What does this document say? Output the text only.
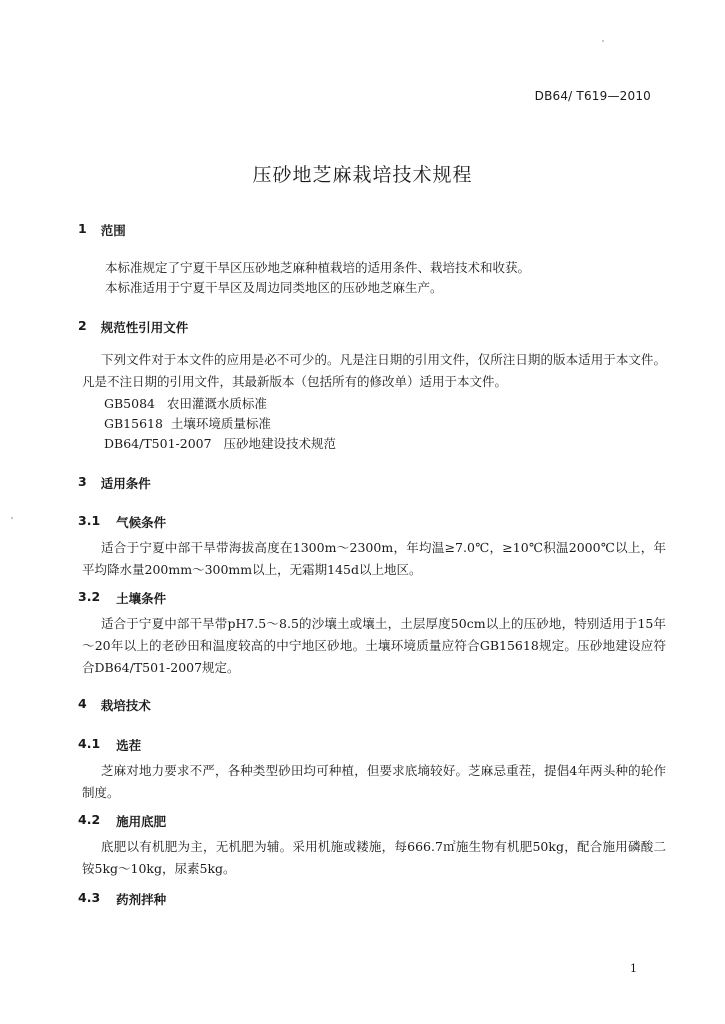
DB64/ T619—2010
压砂地芝麻栽培技术规程
1 范围

本标准规定了宁夏干旱区压砂地芝麻种植栽培的适用条件、栽培技术和收获。

本标准适用于宁夏干旱区及周边同类地区的压砂地芝麻生产。

2 规范性引用文件

下列文件对于本文件的应用是必不可少的。凡是注日期的引用文件，仅所注日期的版本适用于本文件。凡是不注日期的引用文件，其最新版本（包括所有的修改单）适用于本文件。

GB5084   农田灌溉水质标准
GB15618  土壤环境质量标准
DB64/T501-2007   压砂地建设技术规范
3 适用条件
3.1 气候条件

适合于宁夏中部干旱带海拔高度在1300m～2300m，年均温≥7.0℃，≥10℃积温2000℃以上，年平均降水量200mm～300mm以上，无霜期145d以上地区。

3.2 土壤条件

适合于宁夏中部干旱带pH7.5～8.5的沙壤土或壤土，土层厚度50cm以上的压砂地，特别适用于15年～20年以上的老砂田和温度较高的中宁地区砂地。土壤环境质量应符合GB15618规定。压砂地建设应符合DB64/T501-2007规定。

4 栽培技术
4.1 选茬

芝麻对地力要求不严，各种类型砂田均可种植，但要求底墒较好。芝麻忌重茬，提倡4年两头种的轮作制度。

4.2 施用底肥

底肥以有机肥为主，无机肥为辅。采用机施或耧施，每666.7㎡施生物有机肥50kg，配合施用磷酸二铵5kg～10kg，尿素5kg。

4.3 药剂拌种
1
